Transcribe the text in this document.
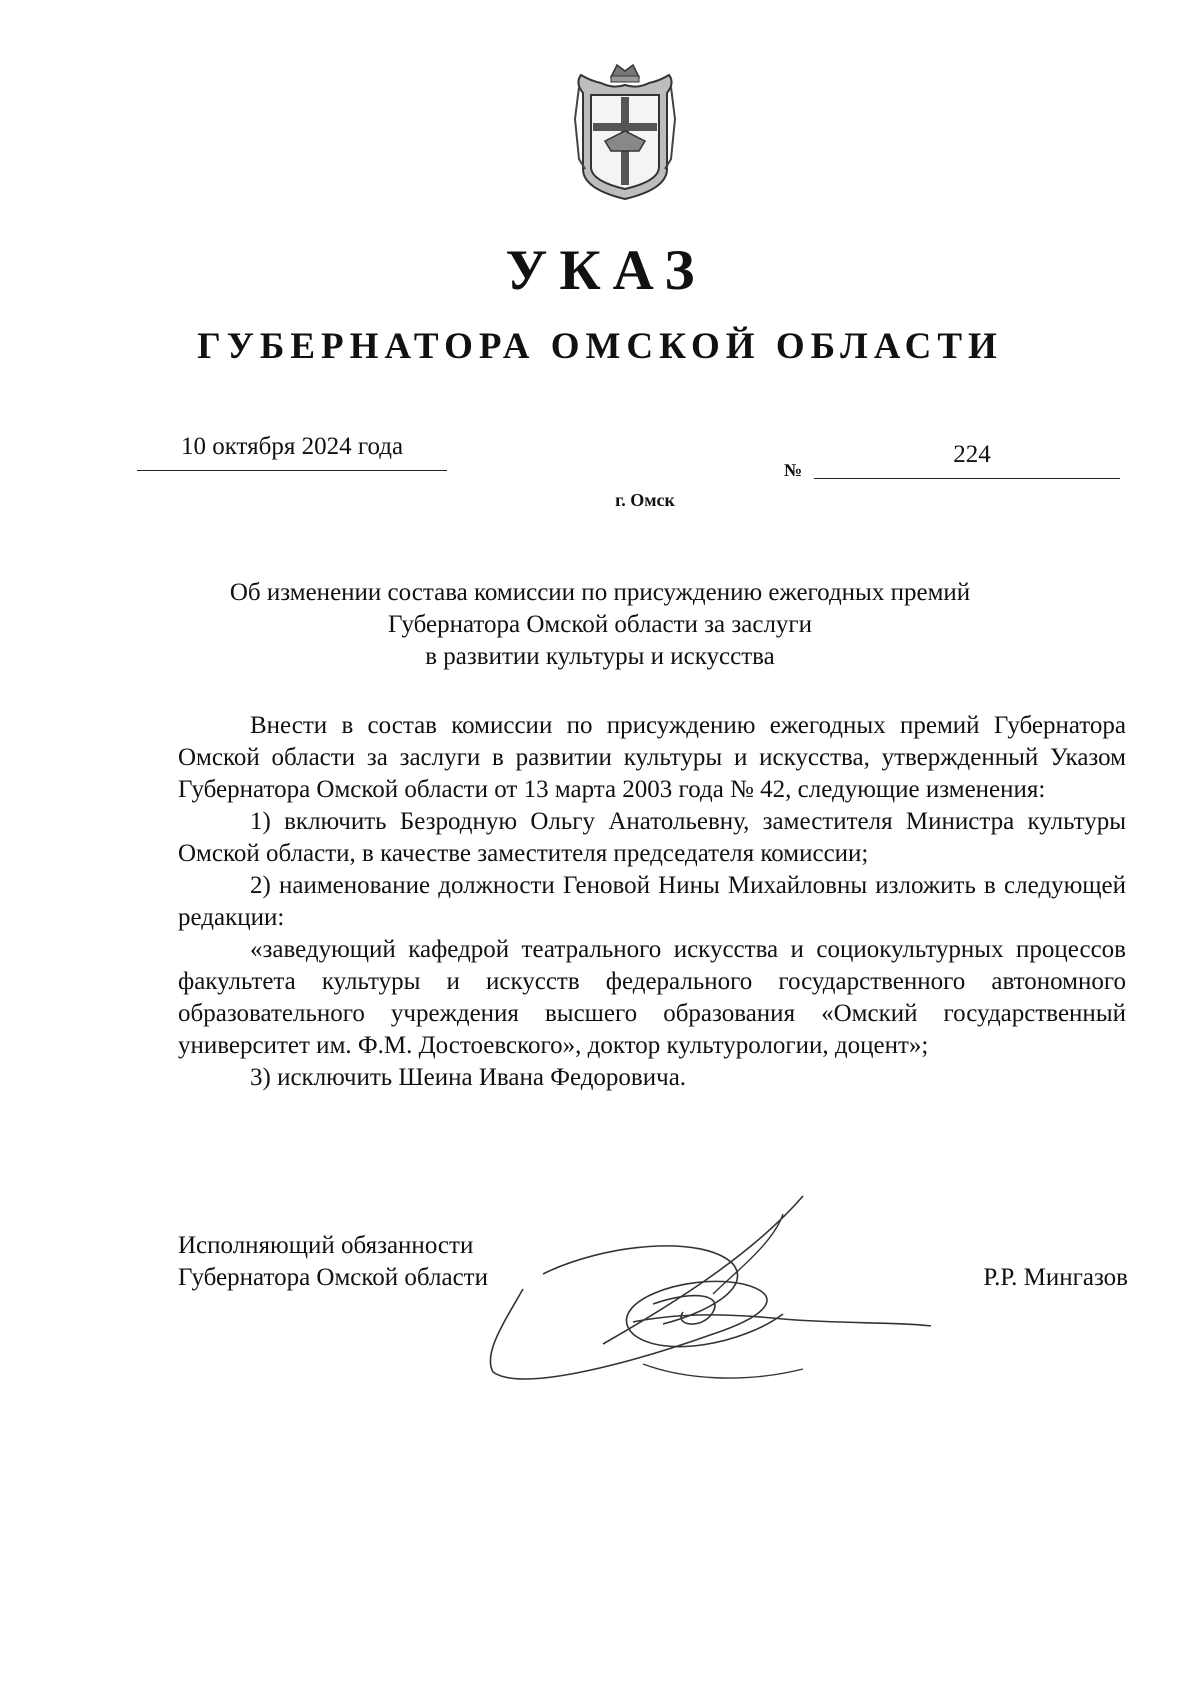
УКАЗ
ГУБЕРНАТОРА ОМСКОЙ ОБЛАСТИ
10 октября 2024 года
№
224
г. Омск
Об изменении состава комиссии по присуждению ежегодных премий
Губернатора Омской области за заслуги
в развитии культуры и искусства

Внести в состав комиссии по присуждению ежегодных премий Губернатора Омской области за заслуги в развитии культуры и искусства, утвержденный Указом Губернатора Омской области от 13 марта 2003 года № 42, следующие изменения:

1) включить Безродную Ольгу Анатольевну, заместителя Министра культуры Омской области, в качестве заместителя председателя комиссии;

2) наименование должности Геновой Нины Михайловны изложить в следующей редакции:

«заведующий кафедрой театрального искусства и социокультурных процессов факультета культуры и искусств федерального государственного автономного образовательного учреждения высшего образования «Омский государственный университет им. Ф.М. Достоевского», доктор культурологии, доцент»;

3) исключить Шеина Ивана Федоровича.

Исполняющий обязанности
Губернатора Омской области	Р.Р. Мингазов
